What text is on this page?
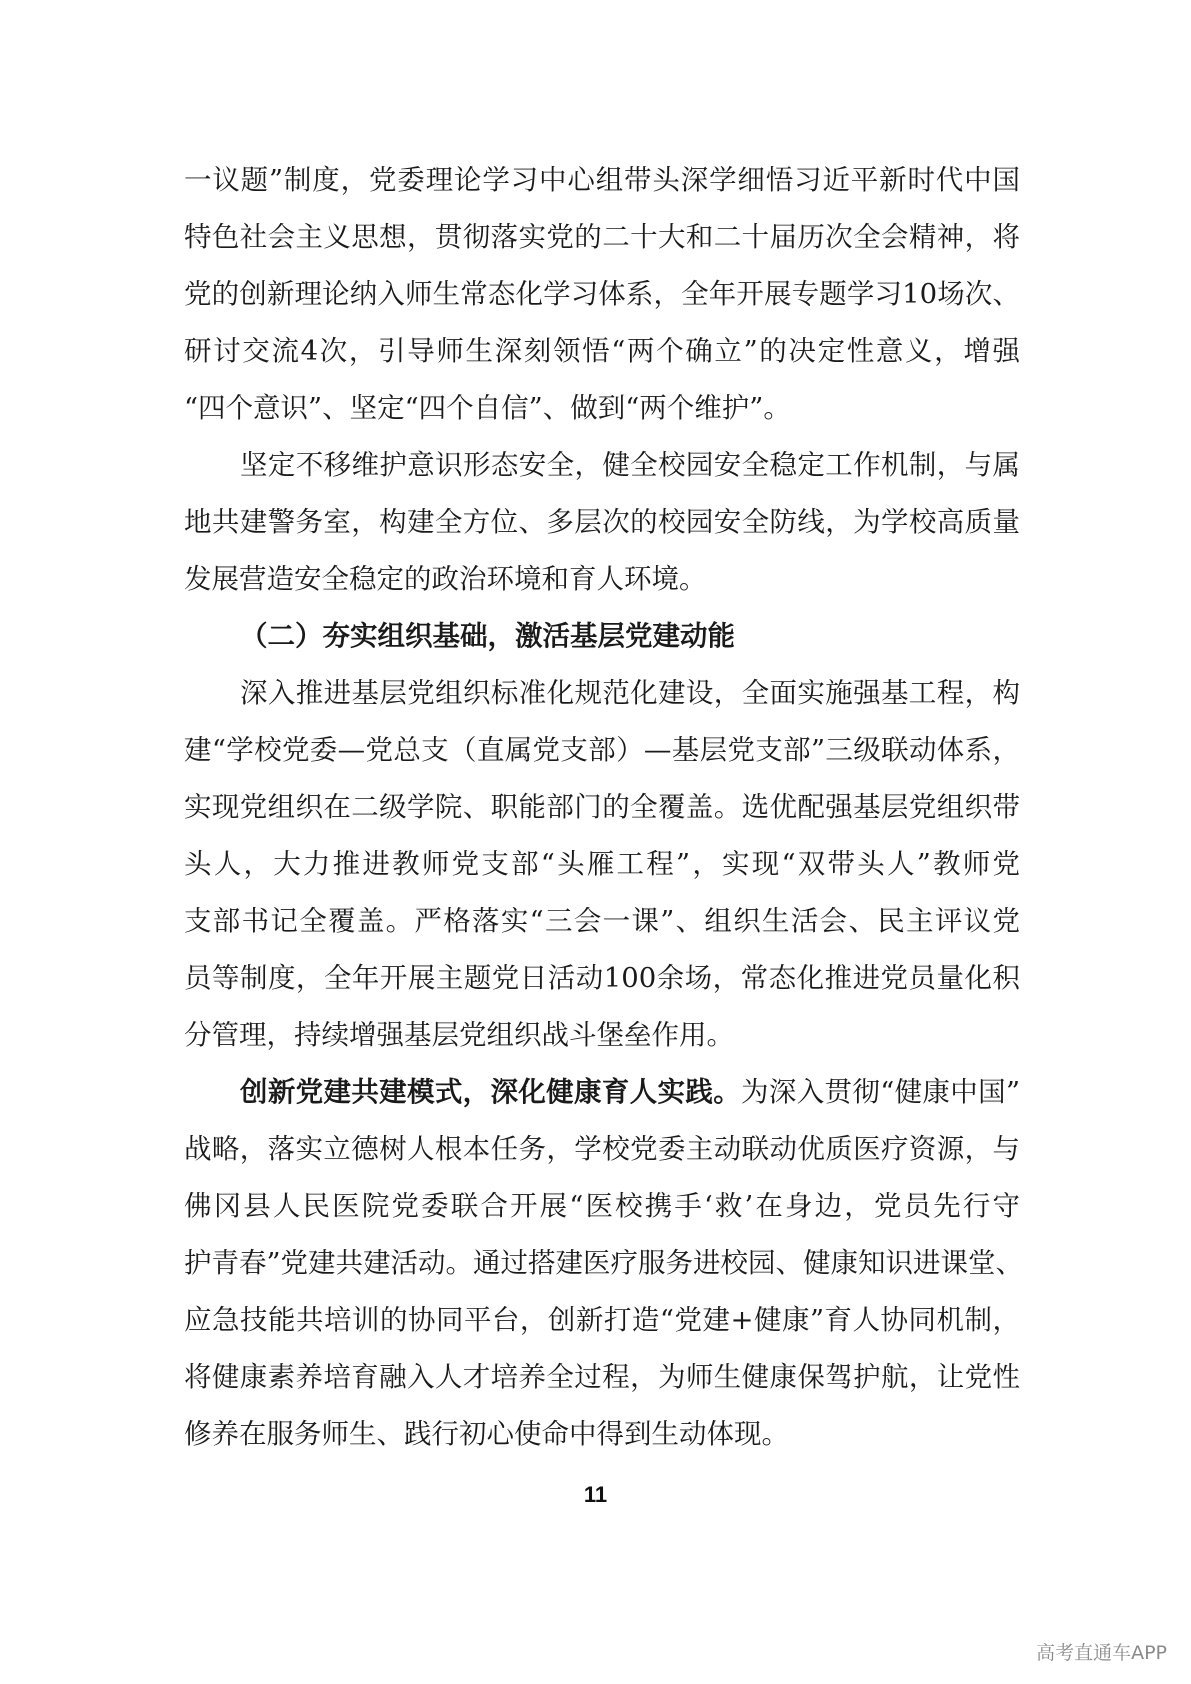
一议题”制度，党委理论学习中心组带头深学细悟习近平新时代中国
特色社会主义思想，贯彻落实党的二十大和二十届历次全会精神，将
党的创新理论纳入师生常态化学习体系，全年开展专题学习10场次、
研讨交流4次，引导师生深刻领悟“两个确立”的决定性意义，增强
“四个意识”、坚定“四个自信”、做到“两个维护”。
坚定不移维护意识形态安全，健全校园安全稳定工作机制，与属
地共建警务室，构建全方位、多层次的校园安全防线，为学校高质量
发展营造安全稳定的政治环境和育人环境。
（二）夯实组织基础，激活基层党建动能
深入推进基层党组织标准化规范化建设，全面实施强基工程，构
建“学校党委—党总支（直属党支部）—基层党支部”三级联动体系，
实现党组织在二级学院、职能部门的全覆盖。选优配强基层党组织带
头人，大力推进教师党支部“头雁工程”，实现“双带头人”教师党
支部书记全覆盖。严格落实“三会一课”、组织生活会、民主评议党
员等制度，全年开展主题党日活动100余场，常态化推进党员量化积
分管理，持续增强基层党组织战斗堡垒作用。
创新党建共建模式，深化健康育人实践。为深入贯彻“健康中国”
战略，落实立德树人根本任务，学校党委主动联动优质医疗资源，与
佛冈县人民医院党委联合开展“医校携手‘救’在身边，党员先行守
护青春”党建共建活动。通过搭建医疗服务进校园、健康知识进课堂、
应急技能共培训的协同平台，创新打造“党建+健康”育人协同机制，
将健康素养培育融入人才培养全过程，为师生健康保驾护航，让党性
修养在服务师生、践行初心使命中得到生动体现。
11
高考直通车APP
